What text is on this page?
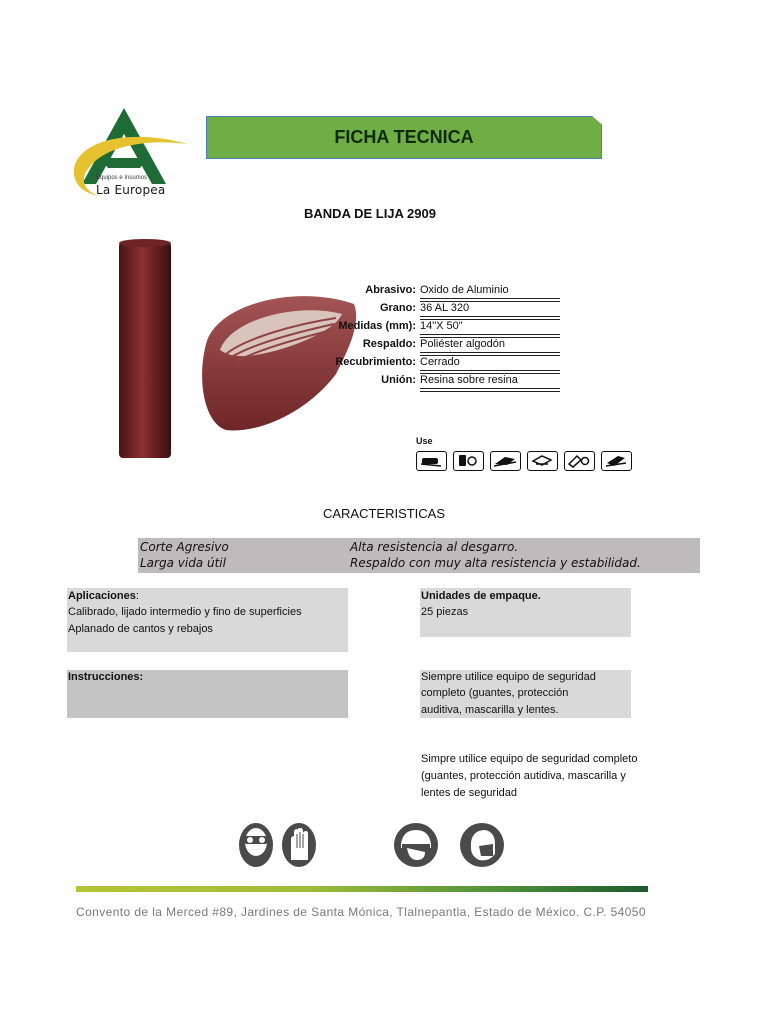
Equipos e Insumos
La Europea
FICHA TECNICA
BANDA DE LIJA 2909
Abrasivo: Oxido de Aluminio
Grano: 36 AL 320
Medidas (mm): 14"X 50"
Respaldo: Poliéster algodón
Recubrimiento: Cerrado
Unión: Resina sobre resina
Use
CARACTERISTICAS
Corte Agresivo
Larga vida útil
Alta resistencia al desgarro.
Respaldo con muy alta resistencia y estabilidad.
Aplicaciones:
Calibrado, lijado intermedio y fino de superficies
Aplanado de cantos y rebajos
Unidades de empaque.
25 piezas
Instrucciones:	Siempre utilice equipo de seguridad
completo (guantes, protección
auditiva, mascarilla y lentes.
Simpre utilice equipo de seguridad completo
(guantes, protección autidiva, mascarilla y
lentes de seguridad
Convento de la Merced #89, Jardines de Santa Mónica, Tlalnepantla, Estado de México. C.P. 54050
